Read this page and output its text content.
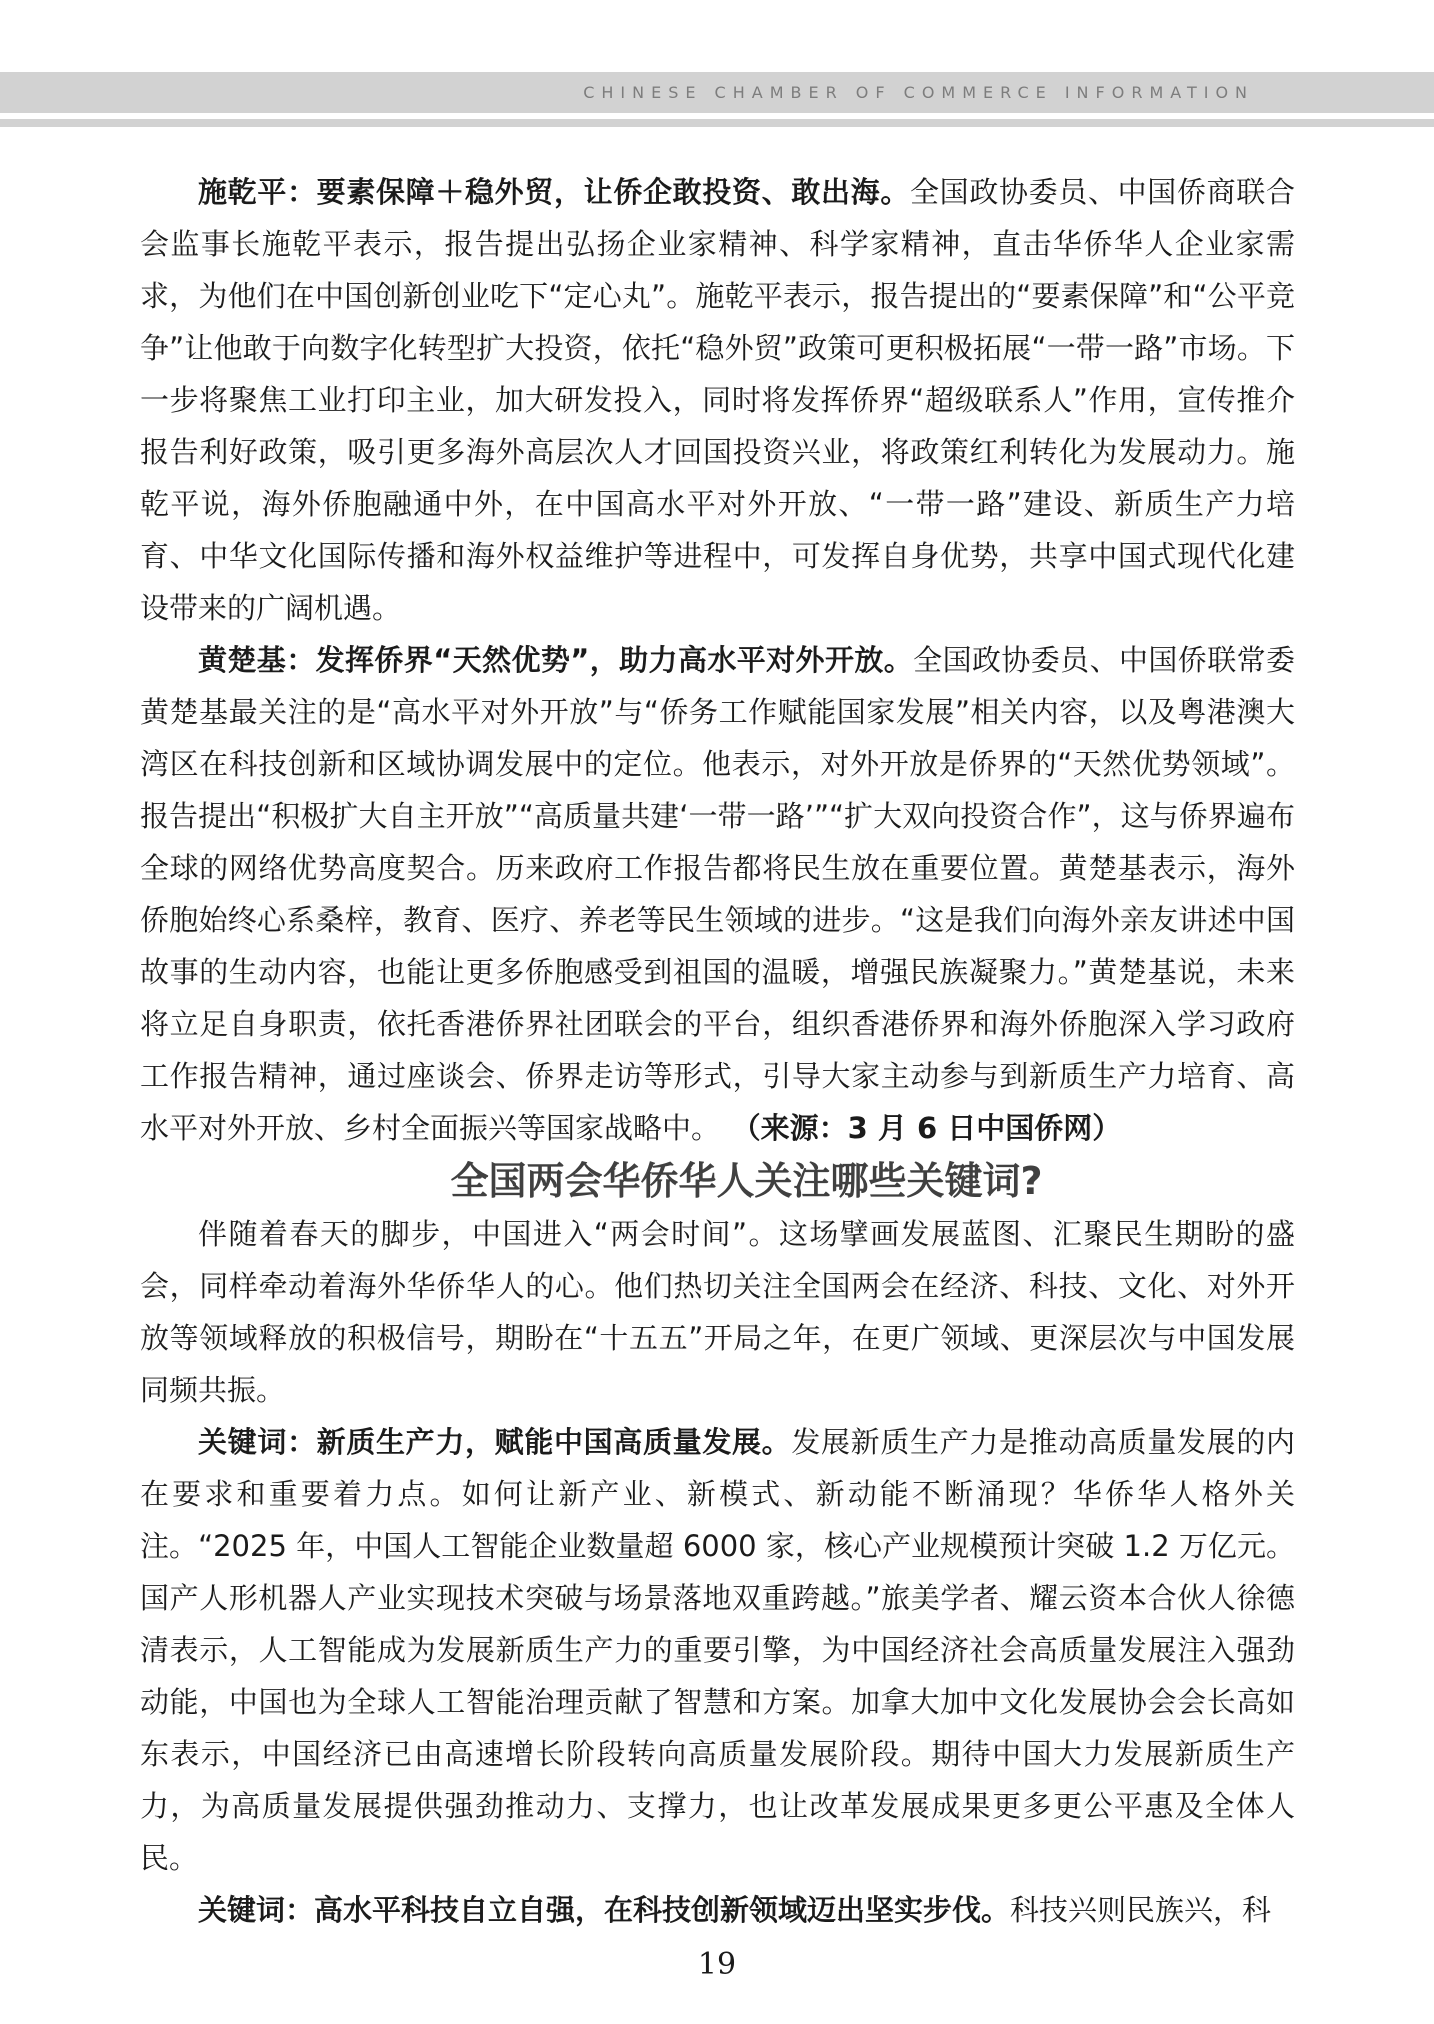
CHINESE CHAMBER OF COMMERCE INFORMATION

施乾平：要素保障＋稳外贸，让侨企敢投资、敢出海。全国政协委员、中国侨商联合会监事长施乾平表示，报告提出弘扬企业家精神、科学家精神，直击华侨华人企业家需求，为他们在中国创新创业吃下“定心丸”。施乾平表示，报告提出的“要素保障”和“公平竞争”让他敢于向数字化转型扩大投资，依托“稳外贸”政策可更积极拓展“一带一路”市场。下一步将聚焦工业打印主业，加大研发投入，同时将发挥侨界“超级联系人”作用，宣传推介报告利好政策，吸引更多海外高层次人才回国投资兴业，将政策红利转化为发展动力。施乾平说，海外侨胞融通中外，在中国高水平对外开放、“一带一路”建设、新质生产力培育、中华文化国际传播和海外权益维护等进程中，可发挥自身优势，共享中国式现代化建设带来的广阔机遇。

黄楚基：发挥侨界“天然优势”，助力高水平对外开放。全国政协委员、中国侨联常委黄楚基最关注的是“高水平对外开放”与“侨务工作赋能国家发展”相关内容，以及粤港澳大湾区在科技创新和区域协调发展中的定位。他表示，对外开放是侨界的“天然优势领域”。报告提出“积极扩大自主开放”“高质量共建‘一带一路’”“扩大双向投资合作”，这与侨界遍布全球的网络优势高度契合。历来政府工作报告都将民生放在重要位置。黄楚基表示，海外侨胞始终心系桑梓，教育、医疗、养老等民生领域的进步。“这是我们向海外亲友讲述中国故事的生动内容，也能让更多侨胞感受到祖国的温暖，增强民族凝聚力。”黄楚基说，未来将立足自身职责，依托香港侨界社团联会的平台，组织香港侨界和海外侨胞深入学习政府工作报告精神，通过座谈会、侨界走访等形式，引导大家主动参与到新质生产力培育、高水平对外开放、乡村全面振兴等国家战略中。 （来源：3 月 6 日中国侨网）

全国两会华侨华人关注哪些关键词?

伴随着春天的脚步，中国进入“两会时间”。这场擘画发展蓝图、汇聚民生期盼的盛会，同样牵动着海外华侨华人的心。他们热切关注全国两会在经济、科技、文化、对外开放等领域释放的积极信号，期盼在“十五五”开局之年，在更广领域、更深层次与中国发展同频共振。

关键词：新质生产力，赋能中国高质量发展。发展新质生产力是推动高质量发展的内在要求和重要着力点。如何让新产业、新模式、新动能不断涌现？华侨华人格外关注。“2025 年，中国人工智能企业数量超 6000 家，核心产业规模预计突破 1.2 万亿元。国产人形机器人产业实现技术突破与场景落地双重跨越。”旅美学者、耀云资本合伙人徐德清表示，人工智能成为发展新质生产力的重要引擎，为中国经济社会高质量发展注入强劲动能，中国也为全球人工智能治理贡献了智慧和方案。加拿大加中文化发展协会会长高如东表示，中国经济已由高速增长阶段转向高质量发展阶段。期待中国大力发展新质生产力，为高质量发展提供强劲推动力、支撑力，也让改革发展成果更多更公平惠及全体人民。

关键词：高水平科技自立自强，在科技创新领域迈出坚实步伐。科技兴则民族兴，科

19
